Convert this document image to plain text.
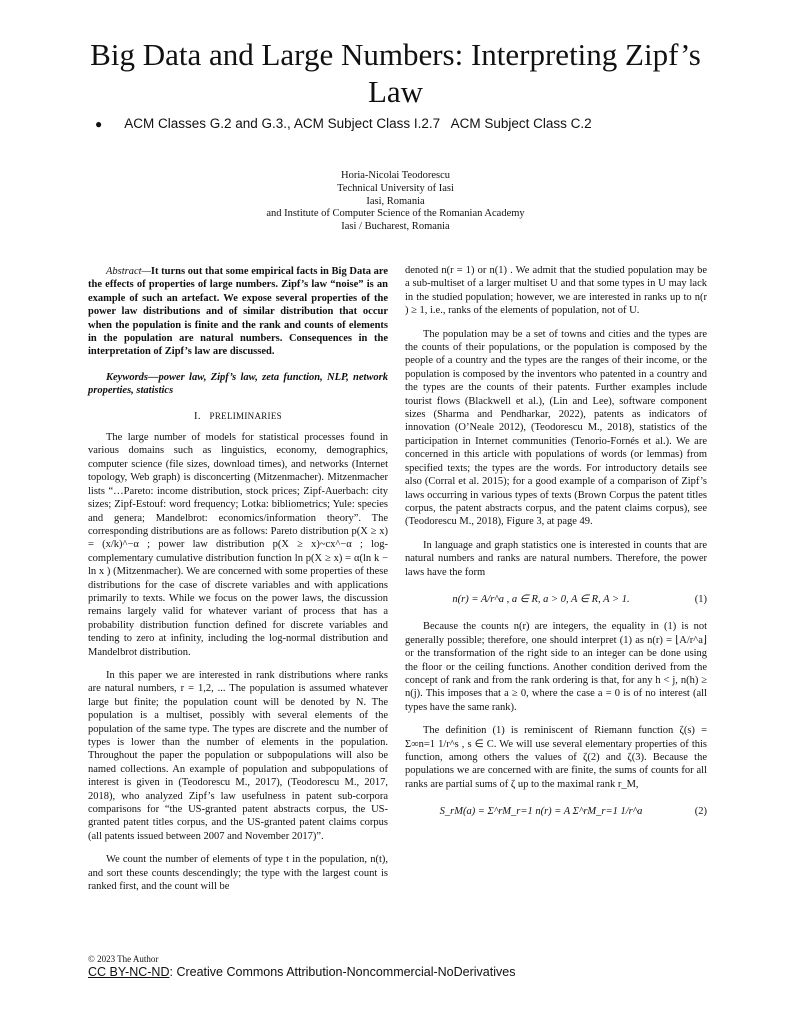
Big Data and Large Numbers: Interpreting Zipf’s Law
● ACM Classes G.2 and G.3., ACM Subject Class I.2.7   ACM Subject Class C.2
Horia-Nicolai Teodorescu
Technical University of Iasi
Iasi, Romania
and Institute of Computer Science of the Romanian Academy
Iasi / Bucharest, Romania

Abstract—It turns out that some empirical facts in Big Data are the effects of properties of large numbers. Zipf’s law “noise” is an example of such an artefact. We expose several properties of the power law distributions and of similar distribution that occur when the population is finite and the rank and counts of elements in the population are natural numbers. Consequences in the interpretation of Zipf’s law are discussed.

Keywords—power law, Zipf’s law, zeta function, NLP, network properties, statistics

I. PRELIMINARIES

The large number of models for statistical processes found in various domains such as linguistics, economy, demographics, computer science (file sizes, download times), and networks (Internet topology, Web graph) is disconcerting (Mitzenmacher). Mitzenmacher lists “…Pareto: income distribution, stock prices; Zipf-Auerbach: city sizes; Zipf-Estouf: word frequency; Lotka: bibliometrics; Yule: species and genera; Mandelbrot: economics/information theory”. The corresponding distributions are as follows: Pareto distribution p(X ≥ x) = (x/k)^−α ; power law distribution p(X ≥ x)~cx^−α ; log-complementary cumulative distribution function ln p(X ≥ x) = α(ln k − ln x ) (Mitzenmacher). We are concerned with some properties of these distributions for the case of discrete variables and with applications primarily to texts. While we focus on the power laws, the discussion remains largely valid for whatever variant of process that has a probability distribution function defined for discrete variables and tending to zero at infinity, including the log-normal distribution and Mandelbrot distribution.

In this paper we are interested in rank distributions where ranks are natural numbers, r = 1,2, ... The population is assumed whatever large but finite; the population count will be denoted by N. The population is a multiset, possibly with several elements of the population of the same type. The types are discrete and the number of types is lower than the number of elements in the population. Throughout the paper the population or subpopulations will also be named collections. An example of population and subpopulations of interest is given in (Teodorescu M., 2017), (Teodorescu M., 2017, 2018), who analyzed Zipf’s law usefulness in patent sub-corpora comparisons for “the US-granted patent abstracts corpus, the US-granted patent titles corpus, and the US-granted patent claims corpus (all patents issued between 2007 and November 2017)”.

We count the number of elements of type t in the population, n(t), and sort these counts descendingly; the type with the largest count is ranked first, and the count will be

denoted n(r = 1) or n(1) . We admit that the studied population may be a sub-multiset of a larger multiset U and that some types in U may lack in the studied population; however, we are interested in ranks up to n(r ) ≥ 1, i.e., ranks of the elements of population, not of U.

The population may be a set of towns and cities and the types are the counts of their populations, or the population is composed by the people of a country and the types are the ranges of their income, or the population is composed by the inventors who patented in a country and the types are the counts of their patents. Further examples include tourist flows (Blackwell et al.), (Lin and Lee), software component sizes (Sharma and Pendharkar, 2022), patents as indicators of innovation (O’Neale 2012), (Teodorescu M., 2018), statistics of the participation in Internet communities (Tenorio-Fornés et al.). We are concerned in this article with populations of words (or lemmas) from specified texts; the types are the words. For introductory details see also (Corral et al. 2015); for a good example of a comparison of Zipf’s laws occurring in various types of texts (Brown Corpus the patent titles corpus, the patent abstracts corpus, and the patent claims corpus), see (Teodorescu M., 2018), Figure 3, at page 49.

In language and graph statistics one is interested in counts that are natural numbers and ranks are natural numbers. Therefore, the power laws have the form

n(r) = A/r^a , a ∈ R, a > 0, A ∈ R, A > 1.	(1)

Because the counts n(r) are integers, the equality in (1) is not generally possible; therefore, one should interpret (1) as n(r) = ⌊A/r^a⌋ or the transformation of the right side to an integer can be done using the floor or the ceiling functions. Another condition derived from the concept of rank and from the rank ordering is that, for any h < j, n(h) ≥ n(j). This imposes that a ≥ 0, where the case a = 0 is of no interest (all types have the same rank).

The definition (1) is reminiscent of Riemann function ζ(s) = Σ∞n=1 1/r^s , s ∈ C. We will use several elementary properties of this function, among others the values of ζ(2) and ζ(3). Because the populations we are concerned with are finite, the sums of counts for all ranks are partial sums of ζ up to the maximal rank r_M,

S_rM(a) = Σ^rM_r=1 n(r) = A Σ^rM_r=1 1/r^a	(2)
© 2023 The Author
CC BY-NC-ND: Creative Commons Attribution-Noncommercial-NoDerivatives
